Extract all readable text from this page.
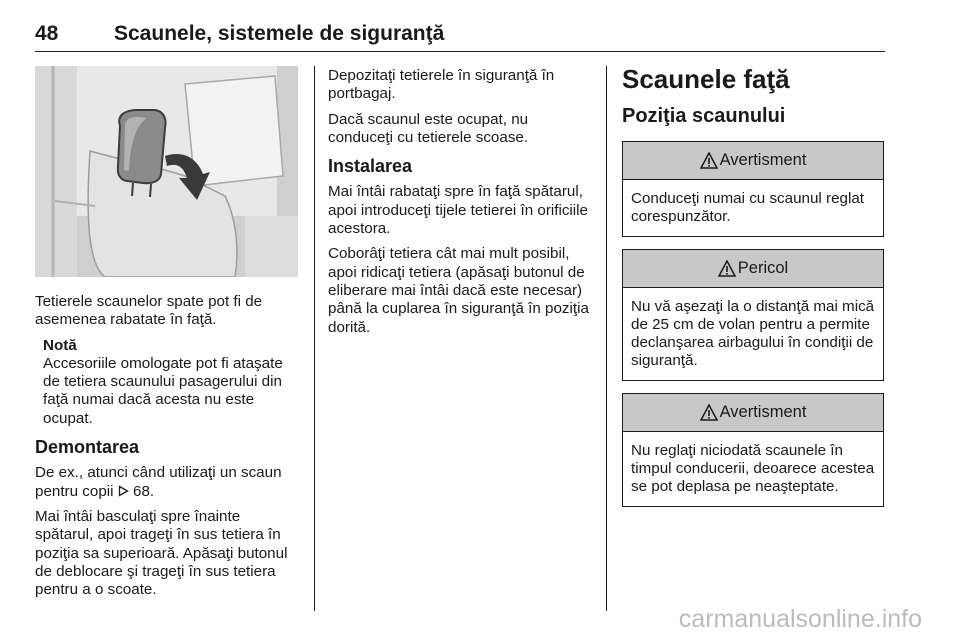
48	Scaunele, sistemele de siguranţă

Tetierele scaunelor spate pot fi de asemenea rabatate în faţă.

Notă
Accesoriile omologate pot fi ataşate de tetiera scaunului pasagerului din faţă numai dacă acesta nu este ocupat.
Demontarea

De ex., atunci când utilizaţi un scaun pentru copii 68.

Mai întâi basculaţi spre înainte spătarul, apoi trageţi în sus tetiera în poziţia sa superioară. Apăsaţi butonul de deblocare şi trageţi în sus tetiera pentru a o scoate.

Depozitaţi tetierele în siguranţă în portbagaj.

Dacă scaunul este ocupat, nu conduceţi cu tetierele scoase.

Instalarea

Mai întâi rabataţi spre în faţă spătarul, apoi introduceţi tijele tetierei în orificiile acestora.

Coborâţi tetiera cât mai mult posibil, apoi ridicaţi tetiera (apăsaţi butonul de eliberare mai întâi dacă este necesar) până la cuplarea în siguranţă în poziţia dorită.

Scaunele faţă
Poziţia scaunului
Avertisment
Conduceţi numai cu scaunul reglat corespunzător.
Pericol
Nu vă aşezaţi la o distanţă mai mică de 25 cm de volan pentru a permite declanşarea airbagului în condiţii de siguranţă.
Avertisment
Nu reglaţi niciodată scaunele în timpul conducerii, deoarece acestea se pot deplasa pe neaşteptate.
carmanualsonline.info
